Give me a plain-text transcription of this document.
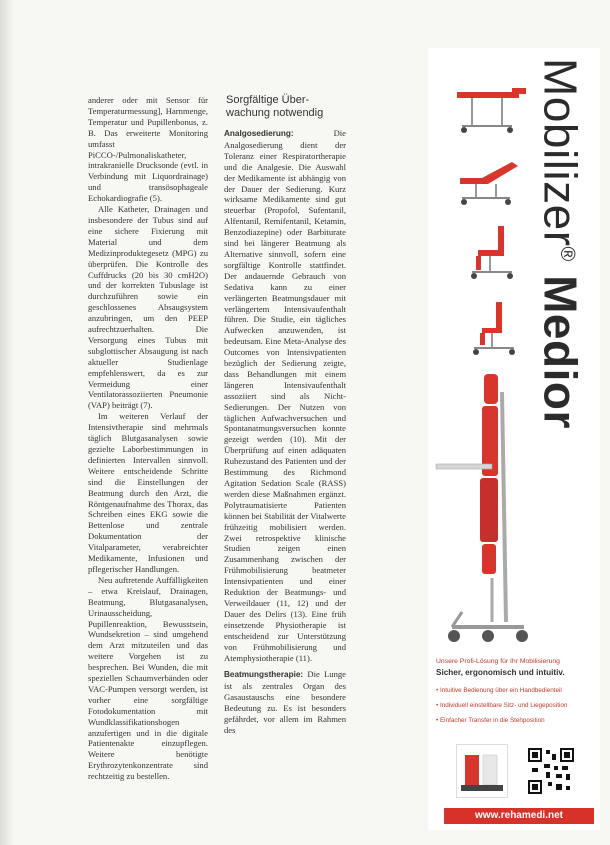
anderer oder mit Sensor für Temperaturmessung], Harnmenge, Temperatur und Pupillenbonus, z. B. Das erweiterte Monitoring umfasst PiCCO-/Pulmonaliskatheter, intrakranielle Drucksonde (evtl. in Verbindung mit Liquordrainage) und transösophageale Echokardiografie (5).

Alle Katheter, Drainagen und insbesondere der Tubus sind auf eine sichere Fixierung mit Material und dem Medizinproduktegesetz (MPG) zu überprüfen. Die Kontrolle des Cuffdrucks (20 bis 30 cmH2O) und der korrekten Tubuslage ist durchzuführen sowie ein geschlossenes Absaugsystem anzubringen, um den PEEP aufrechtzuerhalten. Die Versorgung eines Tubus mit subglottischer Absaugung ist nach aktueller Studienlage empfehlenswert, da es zur Vermeidung einer Ventilatorassoziierten Pneumonie (VAP) beiträgt (7).

Im weiteren Verlauf der Intensivtherapie sind mehrmals täglich Blutgasanalysen sowie gezielte Laborbestimmungen in definierten Intervallen sinnvoll. Weitere entscheidende Schritte sind die Einstellungen der Beatmung durch den Arzt, die Röntgenaufnahme des Thorax, das Schreiben eines EKG sowie die Bettenlose und zentrale Dokumentation der Vitalparameter, verabreichter Medikamente, Infusionen und pflegerischer Handlungen.

Neu auftretende Auffälligkeiten – etwa Kreislauf, Drainagen, Beatmung, Blutgasanalysen, Urinausscheidung, Pupillenreaktion, Bewusstsein, Wundsekretion – sind umgehend dem Arzt mitzuteilen und das weitere Vorgehen ist zu besprechen. Bei Wunden, die mit speziellen Schaumverbänden oder VAC-Pumpen versorgt werden, ist vorher eine sorgfältige Fotodokumentation mit Wundklassifikationsbogen anzufertigen und in die digitale Patientenakte einzupflegen. Weitere benötigte Erythrozytenkonzentrate sind rechtzeitig zu bestellen.

Sorgfältige Über-
wachung notwendig

Analgosedierung:	Die Analgosedierung dient der Toleranz einer Respiratortherapie und die Analgesie. Die Auswahl der Medikamente ist abhängig von der Dauer der Sedierung. Kurz wirksame Medikamente sind gut steuerbar (Propofol, Sufentanil, Alfentanil, Remifentanil, Ketamin, Benzodiazepine) oder Barbiturate sind bei längerer Beatmung als Alternative sinnvoll, sofern eine sorgfältige Kontrolle stattfindet. Der andauernde Gebrauch von Sedativa kann zu einer verlängerten Beatmungsdauer mit verlängertem Intensivaufenthalt führen. Die Studie, ein tägliches Aufwecken anzuwenden, ist bedeutsam. Eine Meta-Analyse des Outcomes von Intensivpatienten bezüglich der Sedierung zeigte, dass Behandlungen mit einem längeren Intensivaufenthalt assoziiert sind als Nicht-Sedierungen. Der Nutzen von täglichen Aufwachversuchen und Spontanatmungsversuchen konnte gezeigt werden (10). Mit der Überprüfung auf einen adäquaten Ruhezustand des Patienten und der Bestimmung des Richmond Agitation Sedation Scale (RASS) werden diese Maßnahmen ergänzt. Polytraumatisierte Patienten können bei Stabilität der Vitalwerte frühzeitig mobilisiert werden. Zwei retrospektive klinische Studien zeigen einen Zusammenhang zwischen der Frühmobilisierung beatmeter Intensivpatienten und einer Reduktion der Beatmungs- und Verweildauer (11, 12) und der Dauer des Delirs (13). Eine früh einsetzende Physiotherapie ist entscheidend zur Unterstützung von Frühmobilisierung und Atemphysiotherapie (11).

Beatmungstherapie: Die Lunge ist als zentrales Organ des Gasaustauschs eine besondere Bedeutung zu. Es ist besonders gefährdet, vor allem im Rahmen des

Mobilizer® Medior
Unsere Profi-Lösung für Ihr Mobilisierung
Sicher, ergonomisch und intuitiv.
• Intuitive Bedienung über ein Handbedienteil
• Individuell einstellbare Sitz- und Liegeposition
• Einfacher Transfer in die Stehposition
www.rehamedi.net
